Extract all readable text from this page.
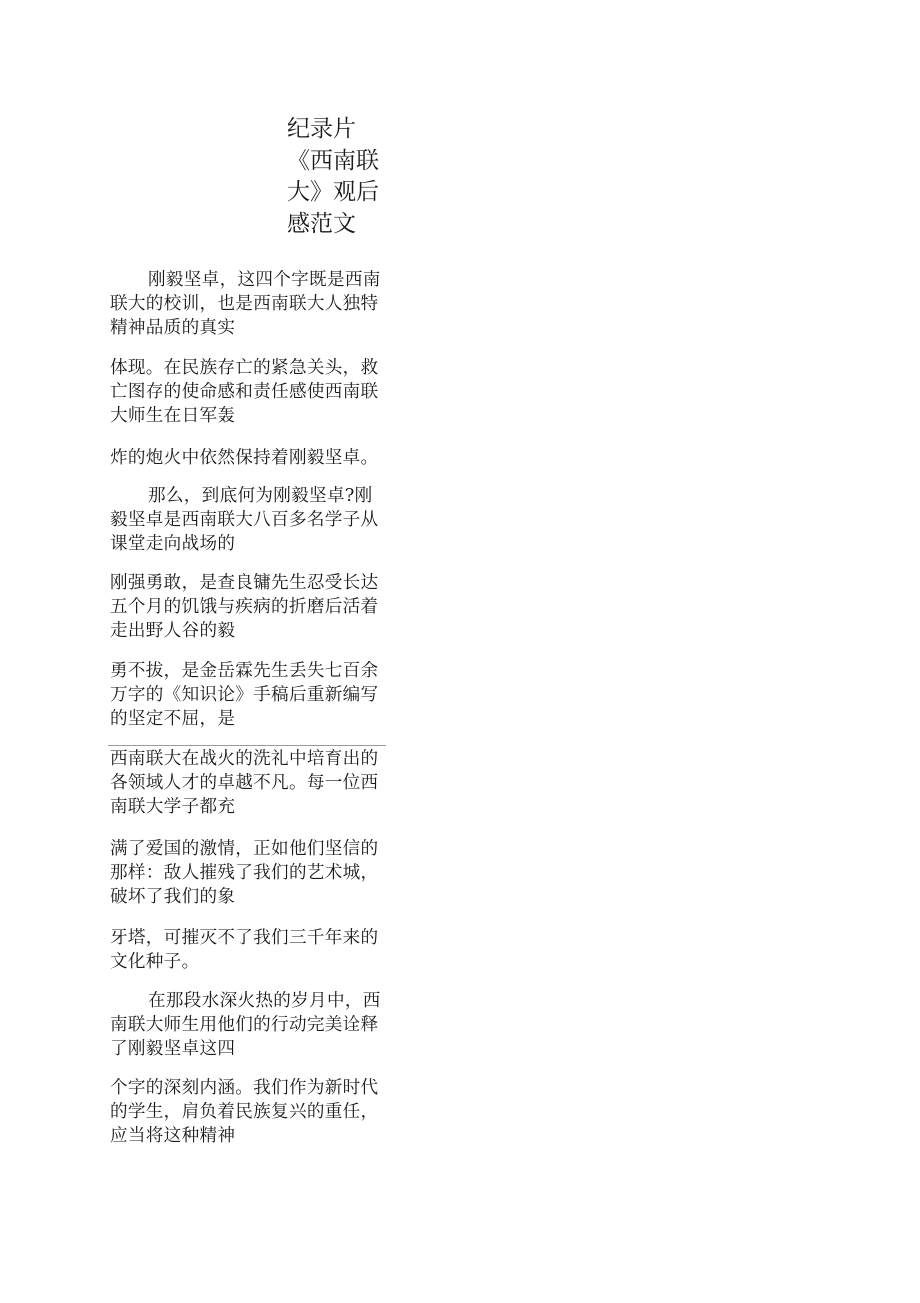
纪录片《西南联大》观后感范文

刚毅坚卓，这四个字既是西南联大的校训，也是西南联大人独特精神品质的真实

体现。在民族存亡的紧急关头，救亡图存的使命感和责任感使西南联大师生在日军轰

炸的炮火中依然保持着刚毅坚卓。

那么，到底何为刚毅坚卓?刚毅坚卓是西南联大八百多名学子从课堂走向战场的

刚强勇敢，是查良镛先生忍受长达五个月的饥饿与疾病的折磨后活着走出野人谷的毅

勇不拔，是金岳霖先生丢失七百余万字的《知识论》手稿后重新编写的坚定不屈，是

西南联大在战火的洗礼中培育出的各领域人才的卓越不凡。每一位西南联大学子都充

满了爱国的激情，正如他们坚信的那样：敌人摧残了我们的艺术城，破坏了我们的象

牙塔，可摧灭不了我们三千年来的文化种子。

在那段水深火热的岁月中，西南联大师生用他们的行动完美诠释了刚毅坚卓这四

个字的深刻内涵。我们作为新时代的学生，肩负着民族复兴的重任，应当将这种精神
